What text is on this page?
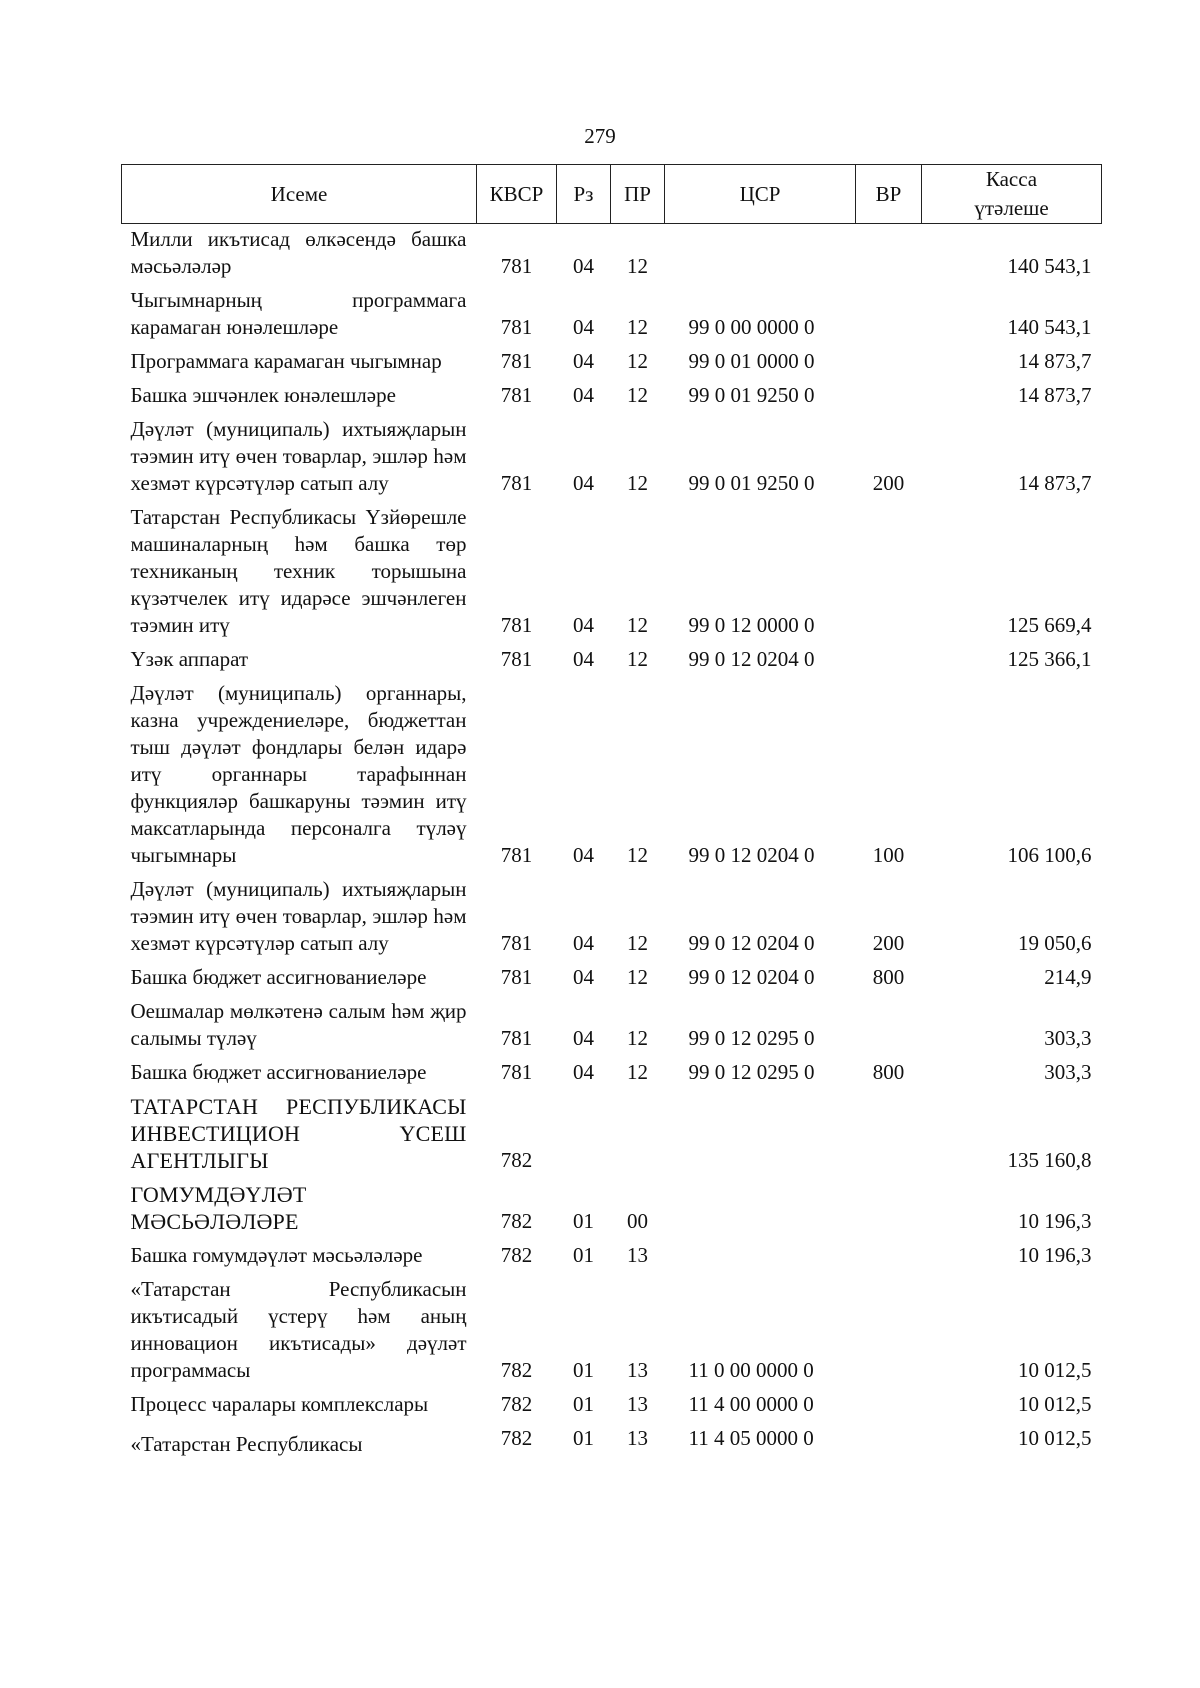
279
Исеме	КВСР	Рз	ПР	ЦСР	ВР	Касса
үтәлеше

Милли икътисад өлкәсендә башка мәсьәләләр	781	04	12			140 543,1
Чыгымнарның программага карамаган юнәлешләре	781	04	12	99 0 00 0000 0		140 543,1
Программага карамаган чыгымнар	781	04	12	99 0 01 0000 0		14 873,7
Башка эшчәнлек юнәлешләре	781	04	12	99 0 01 9250 0		14 873,7
Дәүләт (муниципаль) ихтыяҗларын тәэмин итү өчен товарлар, эшләр һәм хезмәт күрсәтүләр сатып алу	781	04	12	99 0 01 9250 0	200	14 873,7
Татарстан Республикасы Үзйөрешле машиналарның һәм башка төр техниканың техник торышына күзәтчелек итү идарәсе эшчәнлеген тәэмин итү	781	04	12	99 0 12 0000 0		125 669,4
Үзәк аппарат	781	04	12	99 0 12 0204 0		125 366,1
Дәүләт (муниципаль) органнары, казна учреждениеләре, бюджеттан тыш дәүләт фондлары белән идарә итү органнары тарафыннан функцияләр башкаруны тәэмин итү максатларында персоналга түләү чыгымнары	781	04	12	99 0 12 0204 0	100	106 100,6
Дәүләт (муниципаль) ихтыяҗларын тәэмин итү өчен товарлар, эшләр һәм хезмәт күрсәтүләр сатып алу	781	04	12	99 0 12 0204 0	200	19 050,6
Башка бюджет ассигнованиеләре	781	04	12	99 0 12 0204 0	800	214,9
Оешмалар мөлкәтенә салым һәм җир салымы түләү	781	04	12	99 0 12 0295 0		303,3
Башка бюджет ассигнованиеләре	781	04	12	99 0 12 0295 0	800	303,3
ТАТАРСТАН РЕСПУБЛИКАСЫ ИНВЕСТИЦИОН ҮСЕШ АГЕНТЛЫГЫ	782					135 160,8
ГОМУМДӘҮЛӘТ МӘСЬӘЛӘЛӘРЕ	782	01	00			10 196,3
Башка гомумдәүләт мәсьәләләре	782	01	13			10 196,3
«Татарстан Республикасын икътисадый үстерү һәм аның инновацион икътисады» дәүләт программасы	782	01	13	11 0 00 0000 0		10 012,5
Процесс чаралары комплекслары	782	01	13	11 4 00 0000 0		10 012,5
«Татарстан Республикасы	782	01	13	11 4 05 0000 0		10 012,5
